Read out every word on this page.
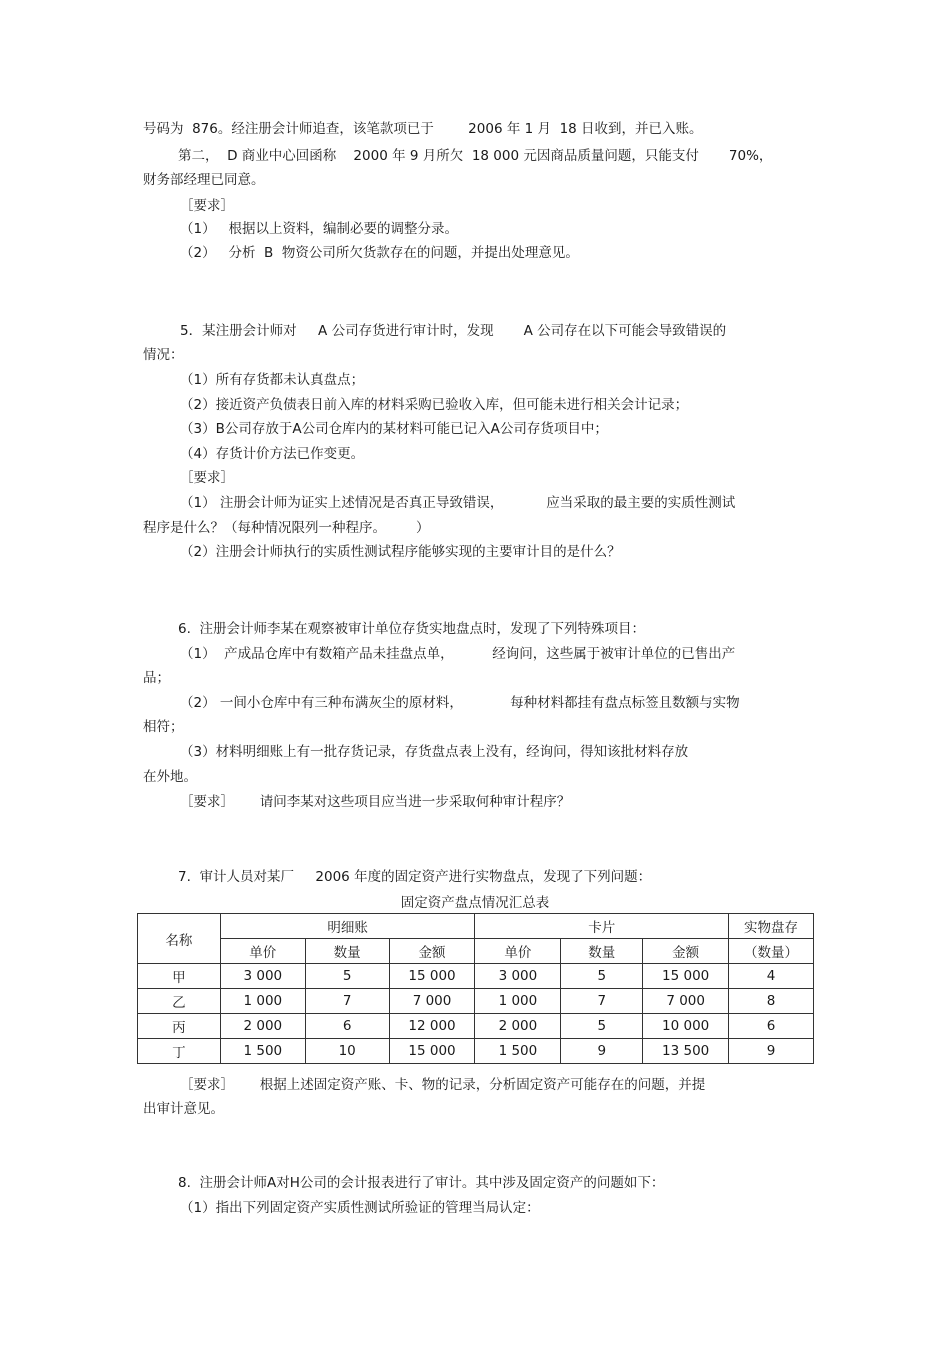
号码为  876。经注册会计师追查，该笔款项已于        2006 年 1 月  18 日收到，并已入账。
第二，  D 商业中心回函称    2000 年 9 月所欠  18 000 元因商品质量问题，只能支付       70%，
财务部经理已同意。
［要求］
（1）   根据以上资料，编制必要的调整分录。
（2）   分析  B  物资公司所欠货款存在的问题，并提出处理意见。
5．某注册会计师对     A 公司存货进行审计时，发现       A 公司存在以下可能会导致错误的
情况：
（1）所有存货都未认真盘点；
（2）接近资产负债表日前入库的材料采购已验收入库，但可能未进行相关会计记录；
（3）B公司存放于A公司仓库内的某材料可能已记入A公司存货项目中；
（4）存货计价方法已作变更。
［要求］
（1） 注册会计师为证实上述情况是否真正导致错误，          应当采取的最主要的实质性测试
程序是什么？（每种情况限列一种程序。       ）
（2）注册会计师执行的实质性测试程序能够实现的主要审计目的是什么？
6.  注册会计师李某在观察被审计单位存货实地盘点时，发现了下列特殊项目：
（1）  产成品仓库中有数箱产品未挂盘点单，         经询问，这些属于被审计单位的已售出产
品；
（2） 一间小仓库中有三种布满灰尘的原材料，           每种材料都挂有盘点标签且数额与实物
相符；
（3）材料明细账上有一批存货记录，存货盘点表上没有，经询问，得知该批材料存放
在外地。
［要求］      请问李某对这些项目应当进一步采取何种审计程序？
7.  审计人员对某厂     2006 年度的固定资产进行实物盘点，发现了下列问题：
固定资产盘点情况汇总表
名称	明细账			卡片			实物盘存
	单价	数量	金额	单价	数量	金额	（数量）
甲	3 000	5	15 000	3 000	5	15 000	4
乙	1 000	7	7 000	1 000	7	7 000	8
丙	2 000	6	12 000	2 000	5	10 000	6
丁	1 500	10	15 000	1 500	9	13 500	9
［要求］      根据上述固定资产账、卡、物的记录，分析固定资产可能存在的问题，并提
出审计意见。
8.  注册会计师A对H公司的会计报表进行了审计。其中涉及固定资产的问题如下：
（1）指出下列固定资产实质性测试所验证的管理当局认定：
